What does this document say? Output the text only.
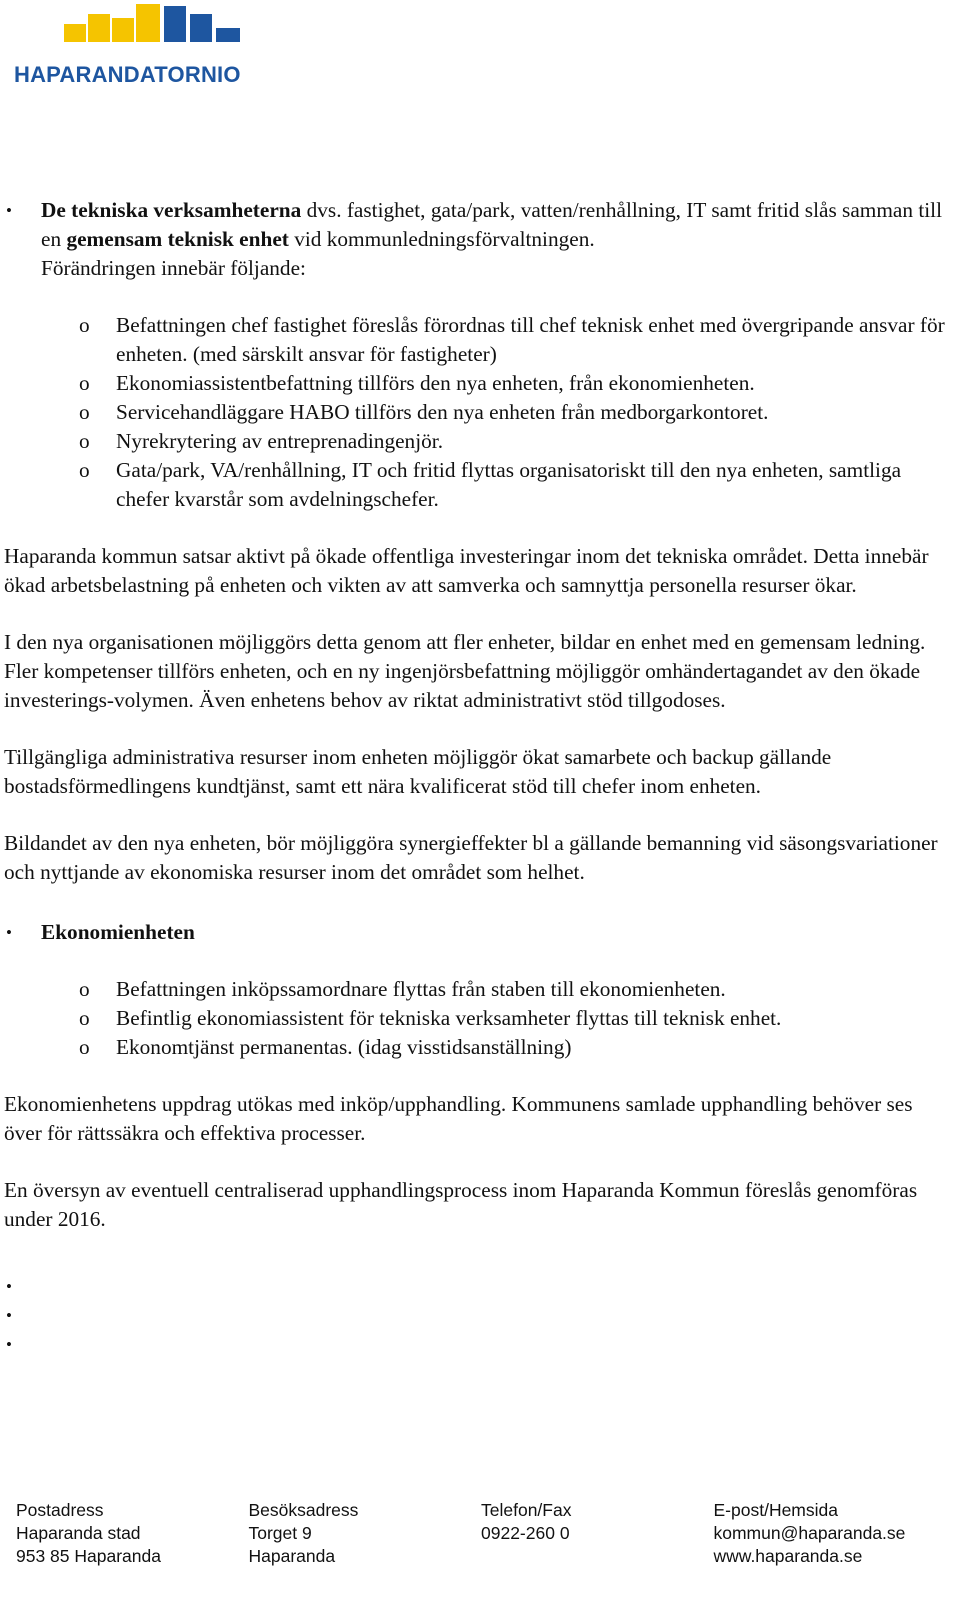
HAPARANDATORNIO
• De tekniska verksamheterna dvs. fastighet, gata/park, vatten/renhållning, IT samt fritid slås samman till en gemensam teknisk enhet vid kommunledningsförvaltningen.
Förändringen innebär följande:
o Befattningen chef fastighet föreslås förordnas till chef teknisk enhet med övergripande ansvar för enheten. (med särskilt ansvar för fastigheter)
o Ekonomiassistentbefattning tillförs den nya enheten, från ekonomienheten.
o Servicehandläggare HABO tillförs den nya enheten från medborgarkontoret.
o Nyrekrytering av entreprenadingenjör.
o Gata/park, VA/renhållning, IT och fritid flyttas organisatoriskt till den nya enheten, samtliga chefer kvarstår som avdelningschefer.

Haparanda kommun satsar aktivt på ökade offentliga investeringar inom det tekniska området. Detta innebär ökad arbetsbelastning på enheten och vikten av att samverka och samnyttja personella resurser ökar.

I den nya organisationen möjliggörs detta genom att fler enheter, bildar en enhet med en gemensam ledning. Fler kompetenser tillförs enheten, och en ny ingenjörsbefattning möjliggör omhändertagandet av den ökade investerings-volymen. Även enhetens behov av riktat administrativt stöd tillgodoses.

Tillgängliga administrativa resurser inom enheten möjliggör ökat samarbete och backup gällande bostadsförmedlingens kundtjänst, samt ett nära kvalificerat stöd till chefer inom enheten.

Bildandet av den nya enheten, bör möjliggöra synergieffekter bl a gällande bemanning vid säsongsvariationer och nyttjande av ekonomiska resurser inom det området som helhet.

• Ekonomienheten
o Befattningen inköpssamordnare flyttas från staben till ekonomienheten.
o Befintlig ekonomiassistent för tekniska verksamheter flyttas till teknisk enhet.
o Ekonomtjänst permanentas. (idag visstidsanställning)

Ekonomienhetens uppdrag utökas med inköp/upphandling. Kommunens samlade upphandling behöver ses över för rättssäkra och effektiva processer.

En översyn av eventuell centraliserad upphandlingsprocess inom Haparanda Kommun föreslås genomföras under 2016.

•
•
•
Postadress
Haparanda stad
953 85 Haparanda
Besöksadress
Torget 9
Haparanda
Telefon/Fax
0922-260 0
E-post/Hemsida
kommun@haparanda.se
www.haparanda.se
